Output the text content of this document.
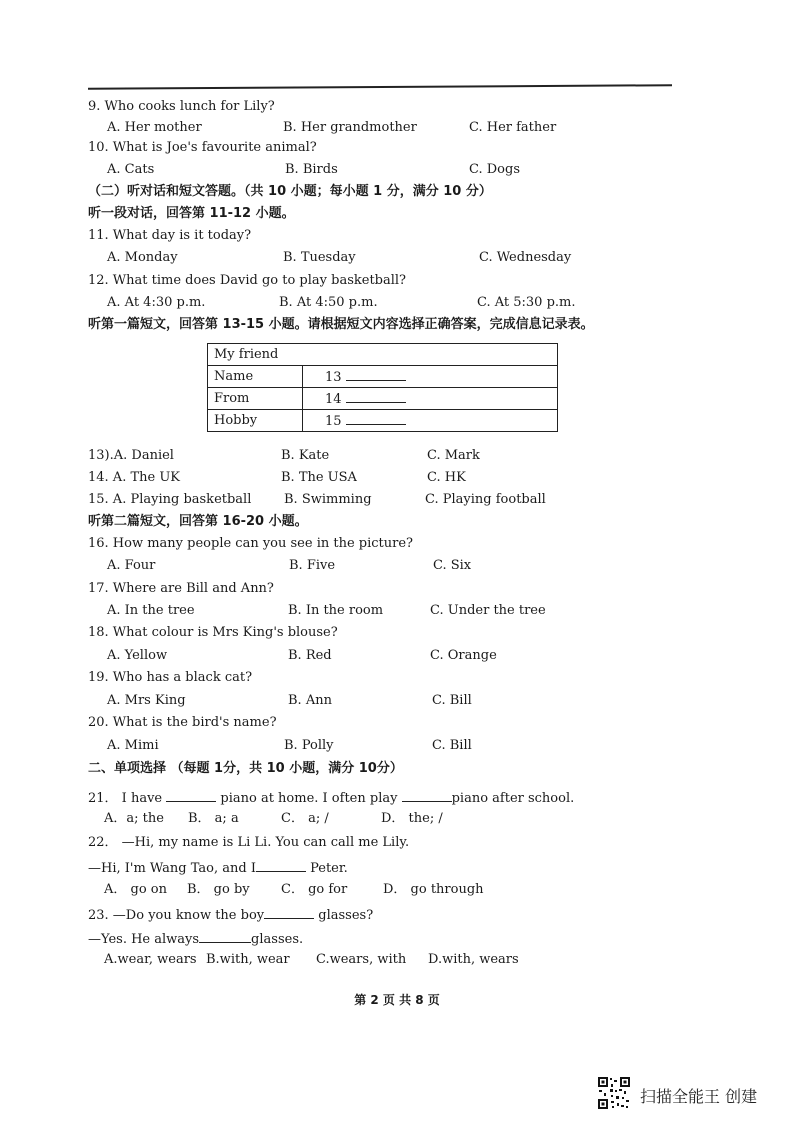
9. Who cooks lunch for Lily?
A. Her mother	B. Her grandmother	C. Her father
10. What is Joe's favourite animal?
A. Cats	B. Birds	C. Dogs
（二）听对话和短文答题。（共 10 小题；每小题 1 分，满分 10 分）
听一段对话，回答第 11-12 小题。
11. What day is it today?
A. Monday	B. Tuesday	C. Wednesday
12. What time does David go to play basketball?
A. At 4:30 p.m.	B. At 4:50 p.m.	C. At 5:30 p.m.
听第一篇短文，回答第 13-15 小题。请根据短文内容选择正确答案，完成信息记录表。
My friend	
Name	13
From	14
Hobby	15
13).A. Daniel	B. Kate	C. Mark
14. A. The UK	B. The USA	C. HK
15. A. Playing basketball	B. Swimming	C. Playing football
听第二篇短文，回答第 16-20 小题。
16. How many people can you see in the picture?
A. Four	B. Five	C. Six
17. Where are Bill and Ann?
A. In the tree	B. In the room	C. Under the tree
18. What colour is Mrs King's blouse?
A. Yellow	B. Red	C. Orange
19. Who has a black cat?
A. Mrs King	B. Ann	C. Bill
20. What is the bird's name?
A. Mimi	B. Polly	C. Bill
二、单项选择 （每题 1分，共 10 小题，满分 10分）
21． I have	piano at home. I often play	piano after school.
A．a; the B． a; a	C． a; /	D． the; /
22． —Hi, my name is Li Li. You can call me Lily.
—Hi, I'm Wang Tao, and I	Peter.
A． go on B． go by C． go for	D． go through
23. —Do you know the boy	glasses?
—Yes. He always	glasses.
A.wear, wears B.with, wear C.wears, with D.with, wears
第 2 页 共 8 页
扫描全能王 创建
